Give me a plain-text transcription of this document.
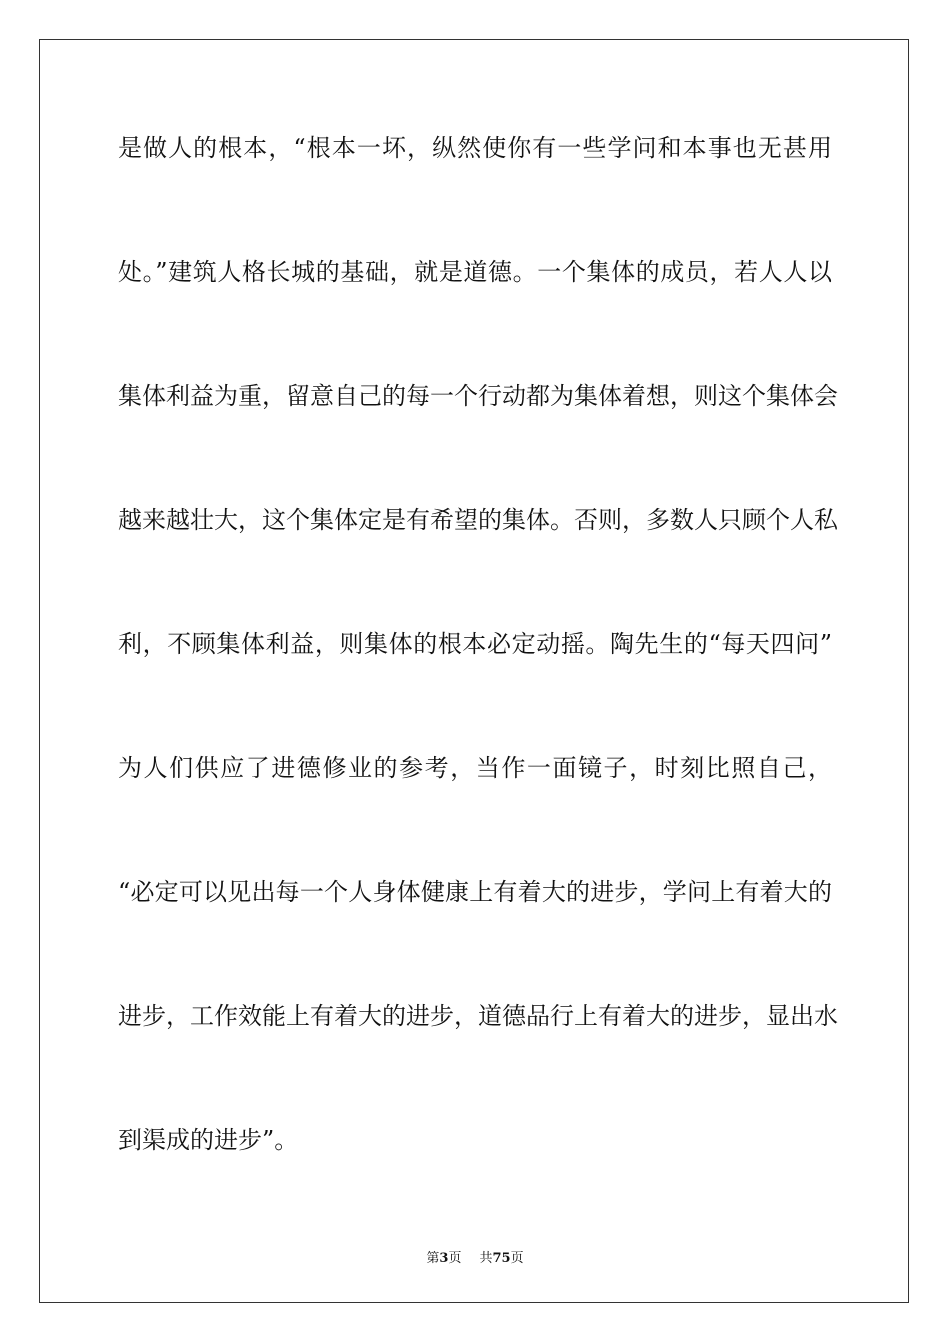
是做人的根本，“根本一坏，纵然使你有一些学问和本事也无甚用
处。”建筑人格长城的基础，就是道德。一个集体的成员，若人人以
集体利益为重，留意自己的每一个行动都为集体着想，则这个集体会
越来越壮大，这个集体定是有希望的集体。否则，多数人只顾个人私
利，不顾集体利益，则集体的根本必定动摇。陶先生的“每天四问”
为人们供应了进德修业的参考，当作一面镜子，时刻比照自己，
“必定可以见出每一个人身体健康上有着大的进步，学问上有着大的
进步，工作效能上有着大的进步，道德品行上有着大的进步，显出水
到渠成的进步”。
第3页 共75页
